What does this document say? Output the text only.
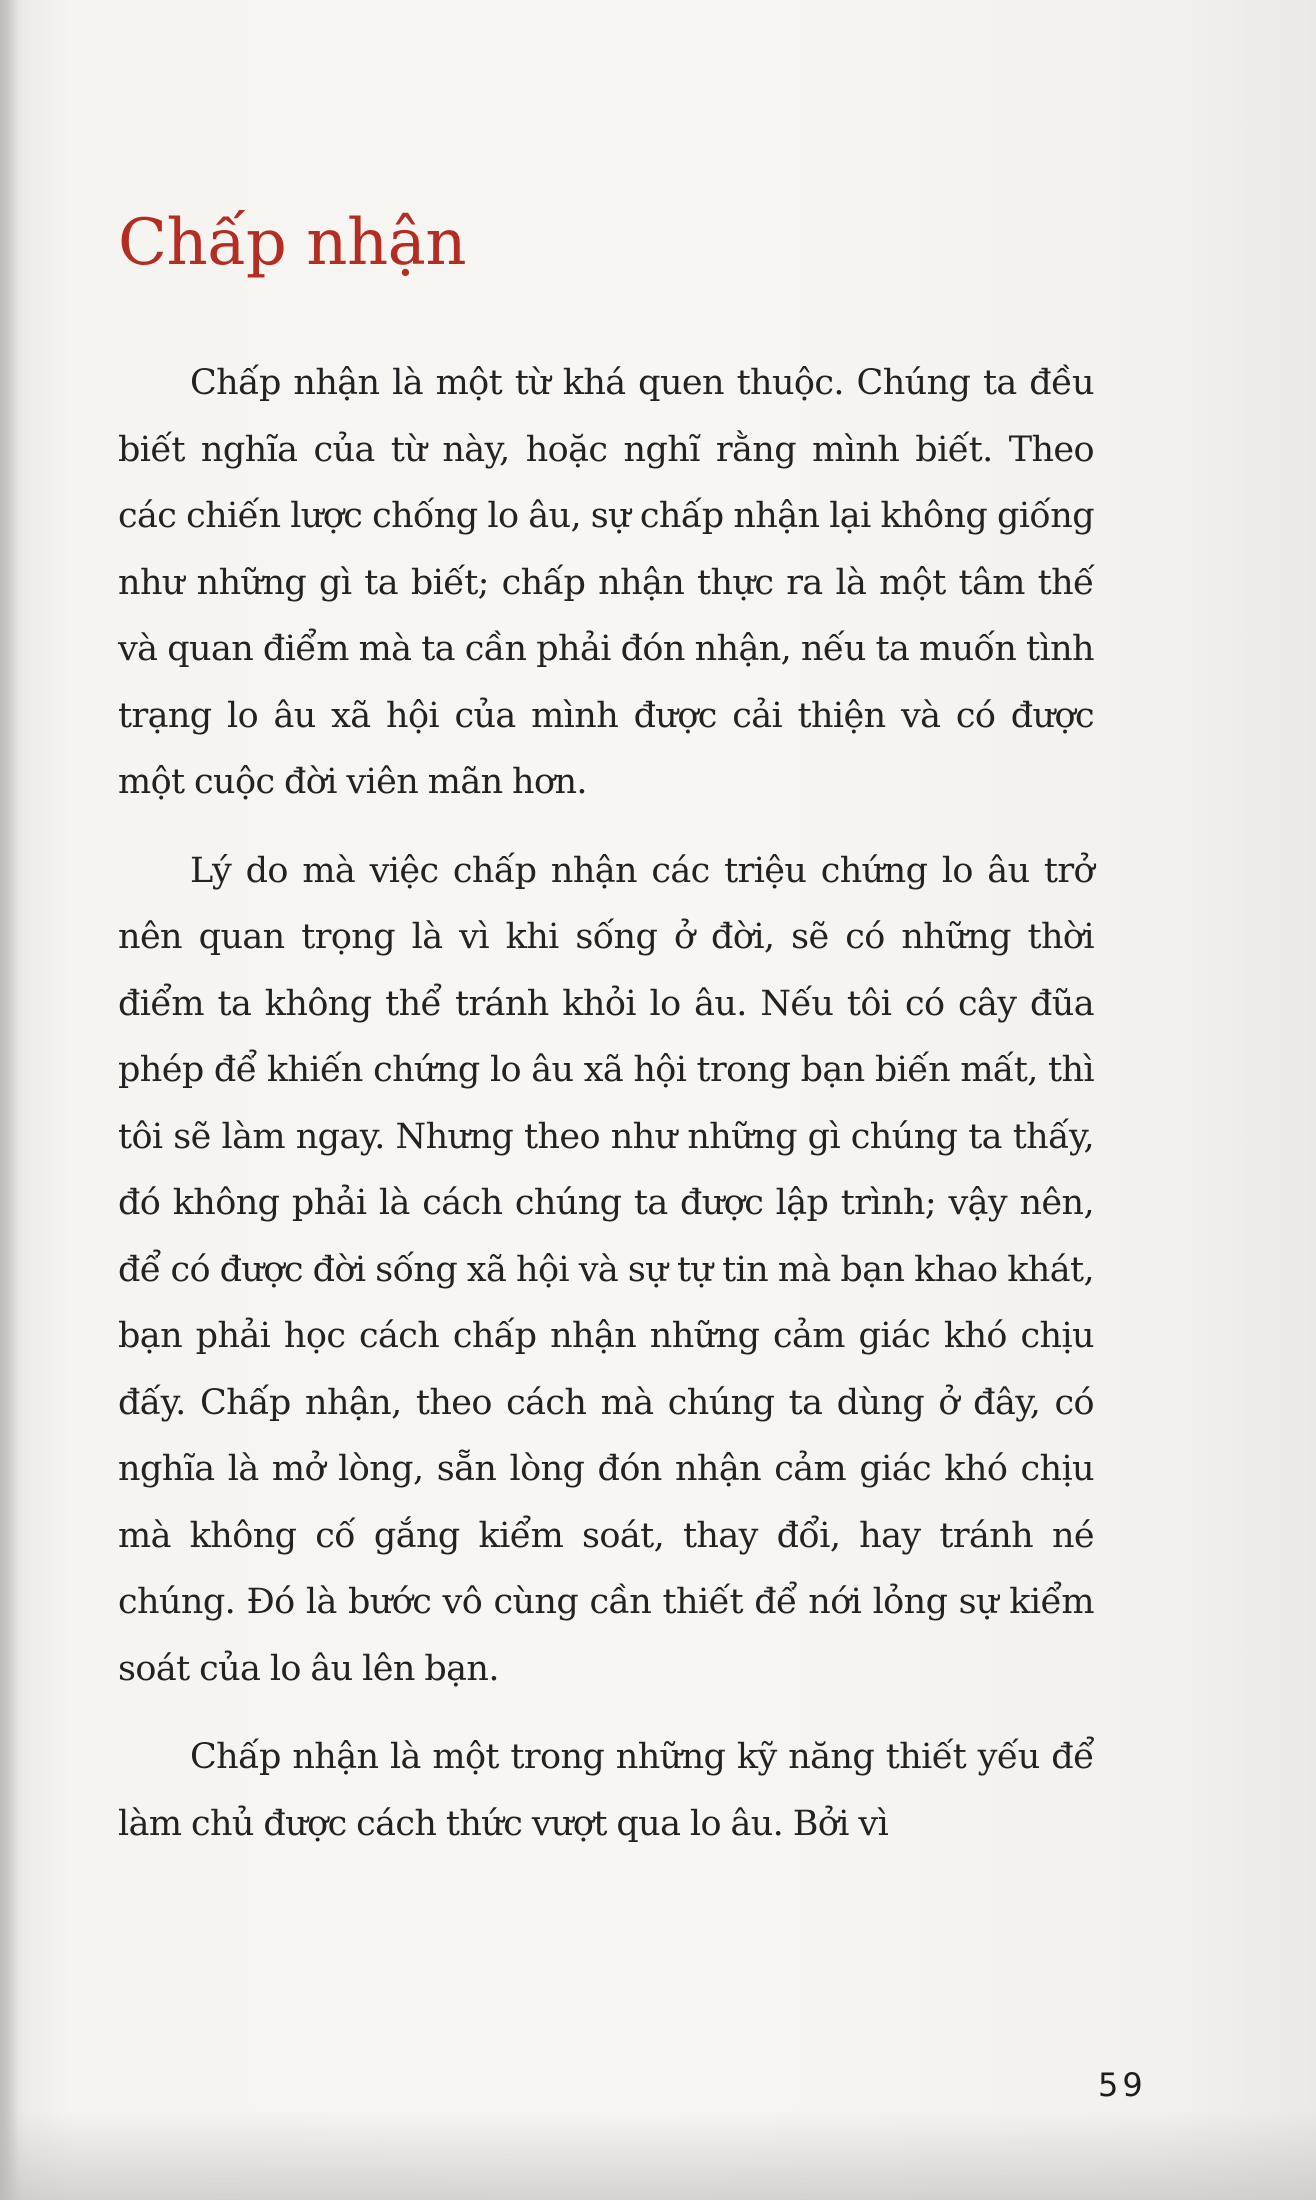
Chấp nhận

Chấp nhận là một từ khá quen thuộc. Chúng ta đều biết nghĩa của từ này, hoặc nghĩ rằng mình biết. Theo các chiến lược chống lo âu, sự chấp nhận lại không giống như những gì ta biết; chấp nhận thực ra là một tâm thế và quan điểm mà ta cần phải đón nhận, nếu ta muốn tình trạng lo âu xã hội của mình được cải thiện và có được một cuộc đời viên mãn hơn.

Lý do mà việc chấp nhận các triệu chứng lo âu trở nên quan trọng là vì khi sống ở đời, sẽ có những thời điểm ta không thể tránh khỏi lo âu. Nếu tôi có cây đũa phép để khiến chứng lo âu xã hội trong bạn biến mất, thì tôi sẽ làm ngay. Nhưng theo như những gì chúng ta thấy, đó không phải là cách chúng ta được lập trình; vậy nên, để có được đời sống xã hội và sự tự tin mà bạn khao khát, bạn phải học cách chấp nhận những cảm giác khó chịu đấy. Chấp nhận, theo cách mà chúng ta dùng ở đây, có nghĩa là mở lòng, sẵn lòng đón nhận cảm giác khó chịu mà không cố gắng kiểm soát, thay đổi, hay tránh né chúng. Đó là bước vô cùng cần thiết để nới lỏng sự kiểm soát của lo âu lên bạn.

Chấp nhận là một trong những kỹ năng thiết yếu để làm chủ được cách thức vượt qua lo âu. Bởi vì

59
